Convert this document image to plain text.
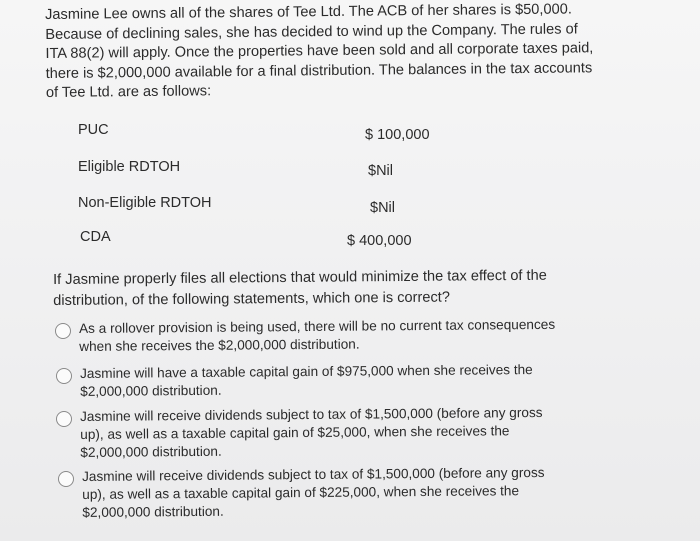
Jasmine Lee owns all of the shares of Tee Ltd. The ACB of her shares is $50,000.

Because of declining sales, she has decided to wind up the Company. The rules of

ITA 88(2) will apply. Once the properties have been sold and all corporate taxes paid,

there is $2,000,000 available for a final distribution. The balances in the tax accounts

of Tee Ltd. are as follows:

PUC	$ 100,000
Eligible RDTOH	$Nil
Non-Eligible RDTOH	$Nil
CDA	$ 400,000
If Jasmine properly files all elections that would minimize the tax effect of the
distribution, of the following statements, which one is correct?
As a rollover provision is being used, there will be no current tax consequences
when she receives the $2,000,000 distribution.
Jasmine will have a taxable capital gain of $975,000 when she receives the
$2,000,000 distribution.
Jasmine will receive dividends subject to tax of $1,500,000 (before any gross
up), as well as a taxable capital gain of $25,000, when she receives the
$2,000,000 distribution.
Jasmine will receive dividends subject to tax of $1,500,000 (before any gross
up), as well as a taxable capital gain of $225,000, when she receives the
$2,000,000 distribution.
